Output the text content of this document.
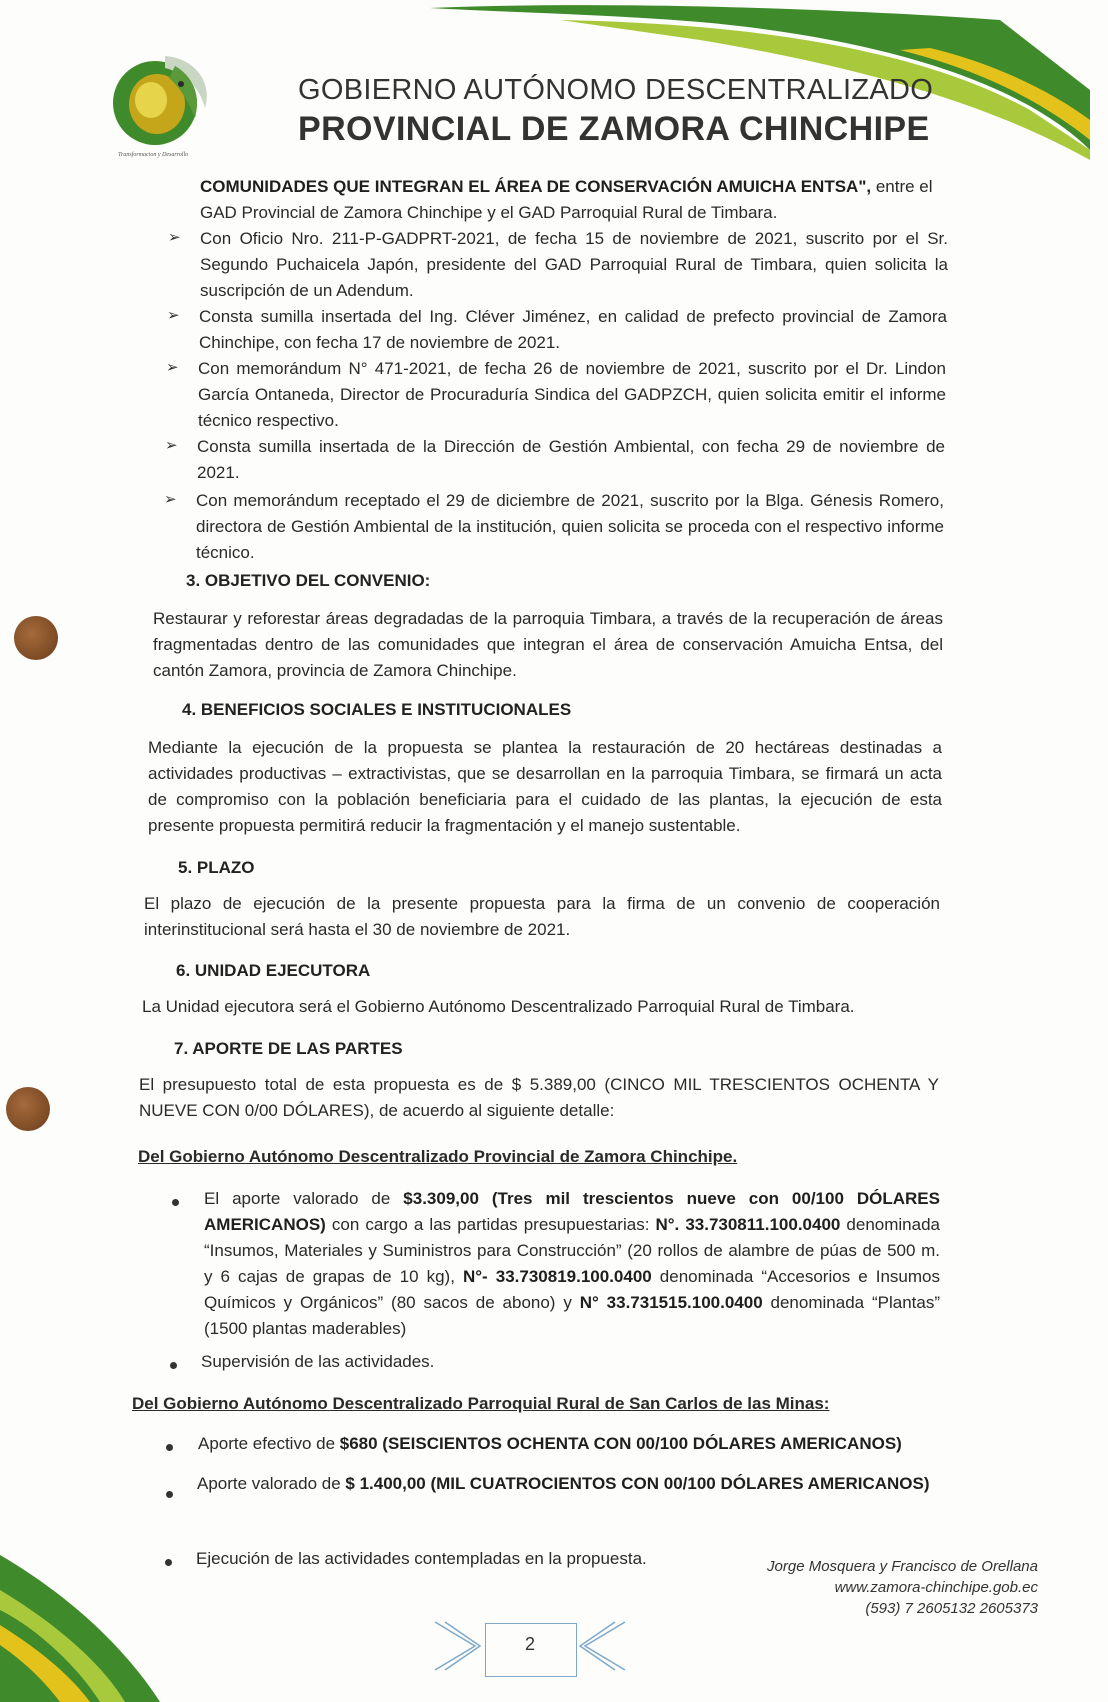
Transformacion y Desarrollo
GOBIERNO AUTÓNOMO DESCENTRALIZADO
PROVINCIAL DE ZAMORA CHINCHIPE
COMUNIDADES QUE INTEGRAN EL ÁREA DE CONSERVACIÓN AMUICHA ENTSA", entre el
GAD Provincial de Zamora Chinchipe y el GAD Parroquial Rural de Timbara.
➢ Con Oficio Nro. 211-P-GADPRT-2021, de fecha 15 de noviembre de 2021, suscrito por el Sr. Segundo Puchaicela Japón, presidente del GAD Parroquial Rural de Timbara, quien solicita la suscripción de un Adendum.
➢ Consta sumilla insertada del Ing. Cléver Jiménez, en calidad de prefecto provincial de Zamora Chinchipe, con fecha 17 de noviembre de 2021.
➢ Con memorándum N° 471-2021, de fecha 26 de noviembre de 2021, suscrito por el Dr. Lindon García Ontaneda, Director de Procuraduría Sindica del GADPZCH, quien solicita emitir el informe técnico respectivo.
➢ Consta sumilla insertada de la Dirección de Gestión Ambiental, con fecha 29 de noviembre de 2021.
➢ Con memorándum receptado el 29 de diciembre de 2021, suscrito por la Blga. Génesis Romero, directora de Gestión Ambiental de la institución, quien solicita se proceda con el respectivo informe técnico.
3. OBJETIVO DEL CONVENIO:
Restaurar y reforestar áreas degradadas de la parroquia Timbara, a través de la recuperación de áreas fragmentadas dentro de las comunidades que integran el área de conservación Amuicha Entsa, del cantón Zamora, provincia de Zamora Chinchipe.
4. BENEFICIOS SOCIALES E INSTITUCIONALES
Mediante la ejecución de la propuesta se plantea la restauración de 20 hectáreas destinadas a actividades productivas – extractivistas, que se desarrollan en la parroquia Timbara, se firmará un acta de compromiso con la población beneficiaria para el cuidado de las plantas, la ejecución de esta presente propuesta permitirá reducir la fragmentación y el manejo sustentable.
5. PLAZO
El plazo de ejecución de la presente propuesta para la firma de un convenio de cooperación interinstitucional será hasta el 30 de noviembre de 2021.
6. UNIDAD EJECUTORA
La Unidad ejecutora será el Gobierno Autónomo Descentralizado Parroquial Rural de Timbara.
7. APORTE DE LAS PARTES
El presupuesto total de esta propuesta es de $ 5.389,00 (CINCO MIL TRESCIENTOS OCHENTA Y NUEVE CON 0/00 DÓLARES), de acuerdo al siguiente detalle:
Del Gobierno Autónomo Descentralizado Provincial de Zamora Chinchipe.
El aporte valorado de $3.309,00 (Tres mil trescientos nueve con 00/100 DÓLARES AMERICANOS) con cargo a las partidas presupuestarias: N°. 33.730811.100.0400 denominada “Insumos, Materiales y Suministros para Construcción” (20 rollos de alambre de púas de 500 m. y 6 cajas de grapas de 10 kg), N°- 33.730819.100.0400 denominada “Accesorios e Insumos Químicos y Orgánicos” (80 sacos de abono) y N° 33.731515.100.0400 denominada “Plantas” (1500 plantas maderables)
Supervisión de las actividades.
Del Gobierno Autónomo Descentralizado Parroquial Rural de San Carlos de las Minas:
Aporte efectivo de $680 (SEISCIENTOS OCHENTA CON 00/100 DÓLARES AMERICANOS)
Aporte valorado de $ 1.400,00 (MIL CUATROCIENTOS CON 00/100 DÓLARES AMERICANOS)
Ejecución de las actividades contempladas en la propuesta.	Jorge Mosquera y Francisco de Orellana
www.zamora-chinchipe.gob.ec
(593) 7 2605132 2605373
2
